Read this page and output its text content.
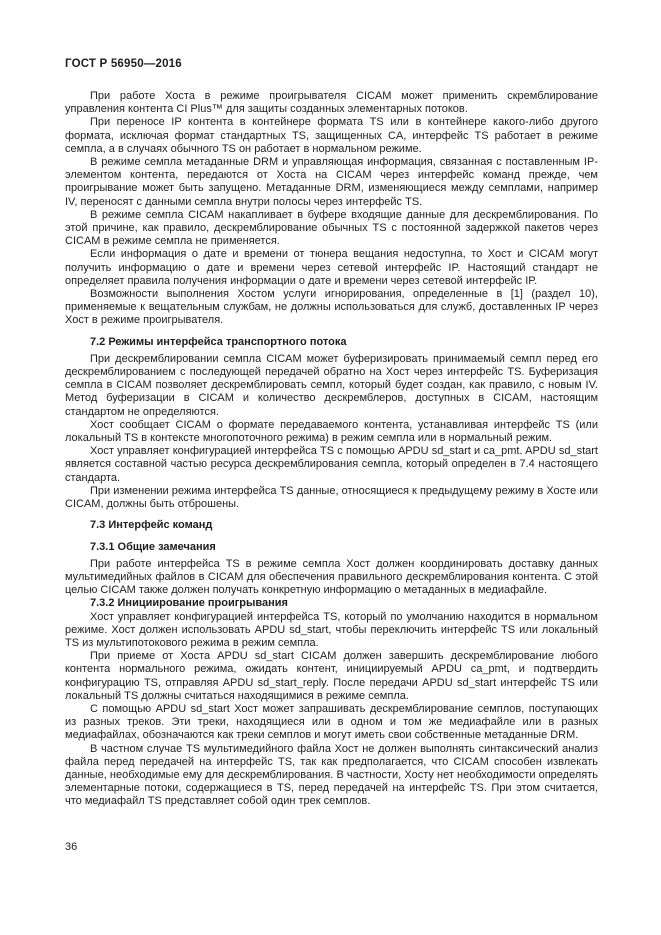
ГОСТ Р 56950—2016

При работе Хоста в режиме проигрывателя CICAM может применить скремблирование управления контента CI Plus™ для защиты созданных элементарных потоков.

При переносе IP контента в контейнере формата TS или в контейнере какого-либо другого формата, исключая формат стандартных TS, защищенных CA, интерфейс TS работает в режиме семпла, а в случаях обычного TS он работает в нормальном режиме.

В режиме семпла метаданные DRM и управляющая информация, связанная с поставленным IP-элементом контента, передаются от Хоста на CICAM через интерфейс команд прежде, чем проигрывание может быть запущено. Метаданные DRM, изменяющиеся между семплами, например IV, переносят с данными семпла внутри полосы через интерфейс TS.

В режиме семпла CICAM накапливает в буфере входящие данные для дескремблирования. По этой причине, как правило, дескремблирование обычных TS с постоянной задержкой пакетов через CICAM в режиме семпла не применяется.

Если информация о дате и времени от тюнера вещания недоступна, то Хост и CICAM могут получить информацию о дате и времени через сетевой интерфейс IP. Настоящий стандарт не определяет правила получения информации о дате и времени через сетевой интерфейс IP.

Возможности выполнения Хостом услуги игнорирования, определенные в [1] (раздел 10), применяемые к вещательным службам, не должны использоваться для служб, доставленных IP через Хост в режиме проигрывателя.

7.2 Режимы интерфейса транспортного потока

При дескремблировании семпла CICAM может буферизировать принимаемый семпл перед его дескремблированием с последующей передачей обратно на Хост через интерфейс TS. Буферизация семпла в CICAM позволяет дескремблировать семпл, который будет создан, как правило, с новым IV. Метод буферизации в CICAM и количество дескремблеров, доступных в CICAM, настоящим стандартом не определяются.

Хост сообщает CICAM о формате передаваемого контента, устанавливая интерфейс TS (или локальный TS в контексте многопоточного режима) в режим семпла или в нормальный режим.

Хост управляет конфигурацией интерфейса TS с помощью APDU sd_start и ca_pmt. APDU sd_start является составной частью ресурса дескремблирования семпла, который определен в 7.4 настоящего стандарта.

При изменении режима интерфейса TS данные, относящиеся к предыдущему режиму в Хосте или CICAM, должны быть отброшены.

7.3 Интерфейс команд
7.3.1 Общие замечания

При работе интерфейса TS в режиме семпла Хост должен координировать доставку данных мультимедийных файлов в CICAM для обеспечения правильного дескремблирования контента. С этой целью CICAM также должен получать конкретную информацию о метаданных в медиафайле.

7.3.2 Инициирование проигрывания

Хост управляет конфигурацией интерфейса TS, который по умолчанию находится в нормальном режиме. Хост должен использовать APDU sd_start, чтобы переключить интерфейс TS или локальный TS из мультипотокового режима в режим семпла.

При приеме от Хоста APDU sd_start CICAM должен завершить дескремблирование любого контента нормального режима, ожидать контент, инициируемый APDU ca_pmt, и подтвердить конфигурацию TS, отправляя APDU sd_start_reply. После передачи APDU sd_start интерфейс TS или локальный TS должны считаться находящимися в режиме семпла.

С помощью APDU sd_start Хост может запрашивать дескремблирование семплов, поступающих из разных треков. Эти треки, находящиеся или в одном и том же медиафайле или в разных медиафайлах, обозначаются как треки семплов и могут иметь свои собственные метаданные DRM.

В частном случае TS мультимедийного файла Хост не должен выполнять синтаксический анализ файла перед передачей на интерфейс TS, так как предполагается, что CICAM способен извлекать данные, необходимые ему для дескремблирования. В частности, Хосту нет необходимости определять элементарные потоки, содержащиеся в TS, перед передачей на интерфейс TS. При этом считается, что медиафайл TS представляет собой один трек семплов.

36
